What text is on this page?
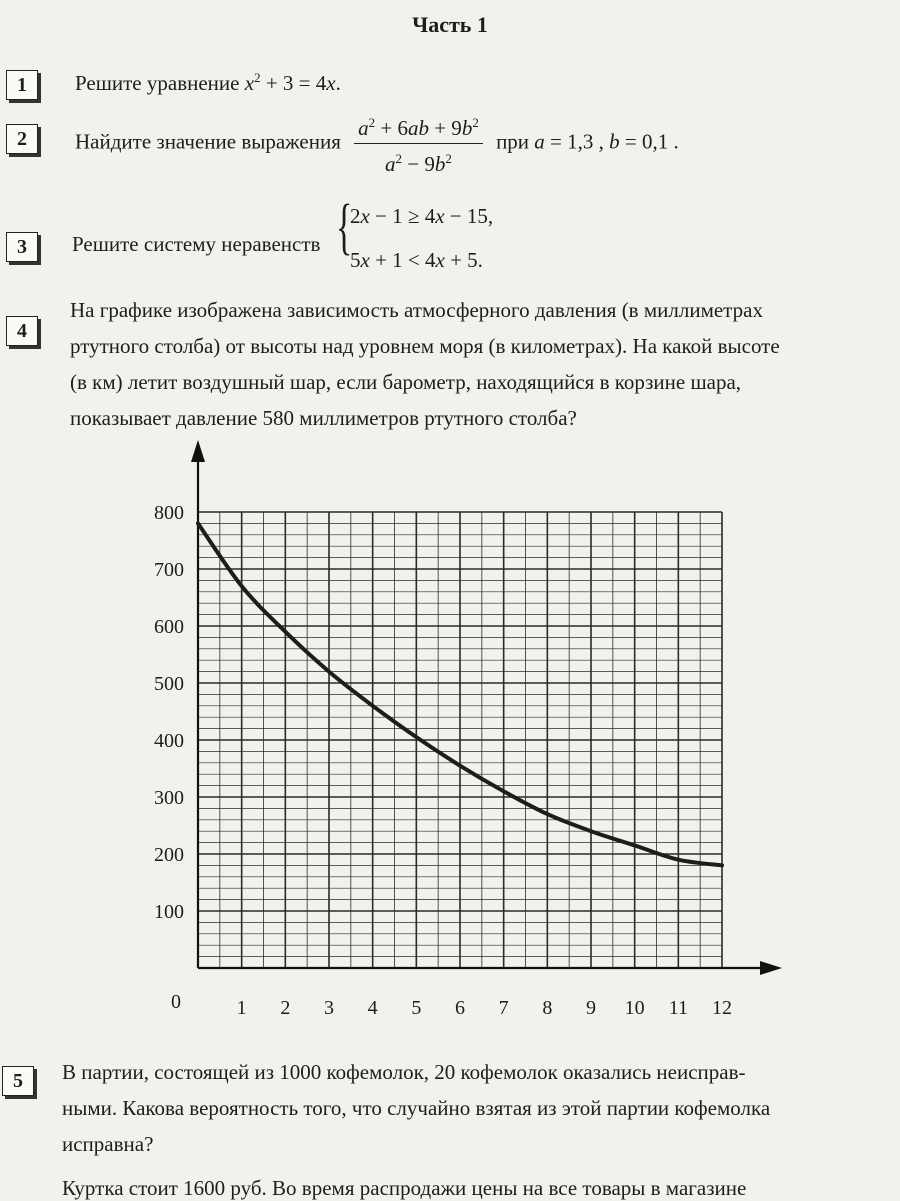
Часть 1
1	Решите уравнение $x^2 + 3 = 4x$.
2	Найдите значение выражения $\frac{a^2 + 6ab + 9b^2}{a^2 - 9b^2}$ при a = 1,3 , b = 0,1 .
3	Решите систему неравенств {
2x − 1 ≥ 4x − 15,
5x + 1 < 4x + 5.
4
На графике изображена зависимость атмосферного давления (в миллиметрах
ртутного столба) от высоты над уровнем моря (в километрах). На какой высоте
(в км) летит воздушный шар, если барометр, находящийся в корзине шара,
показывает давление 580 миллиметров ртутного столба?
1 2 3 4 5 6 7 8 9 10 11 12
100
200
300
400
500
600
700
800
0
5	В партии, состоящей из 1000 кофемолок, 20 кофемолок оказались неисправ-
ными. Какова вероятность того, что случайно взятая из этой партии кофемолка
исправна?
Куртка стоит 1600 руб. Во время распродажи цены на все товары в магазине
